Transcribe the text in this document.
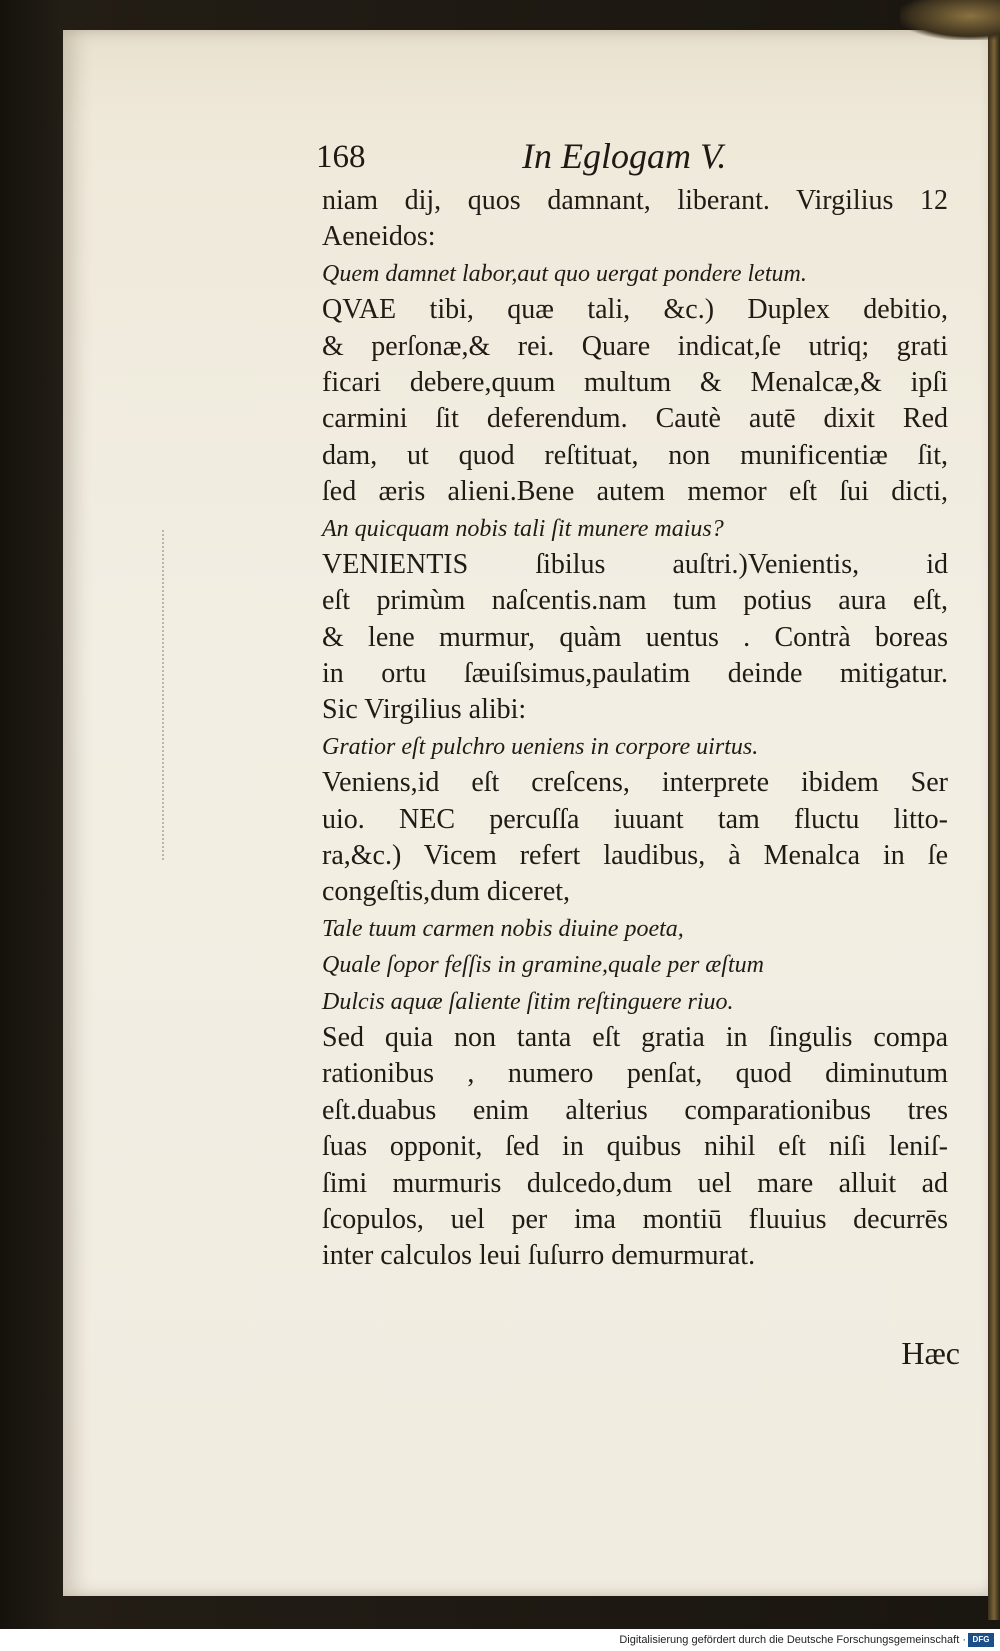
168	In Eglogam V.
niam dij, quos damnant, liberant. Virgilius 12
Aeneidos:
Quem damnet labor,aut quo uergat pondere letum.
QVAE tibi, quæ tali, &c.) Duplex debitio,
& perſonæ,& rei. Quare indicat,ſe utriq; grati
ficari debere,quum multum & Menalcæ,& ipſi
carmini ſit deferendum. Cautè autē dixit Red
dam, ut quod reſtituat, non munificentiæ ſit,
ſed æris alieni.Bene autem memor eſt ſui dicti,
An quicquam nobis tali ſit munere maius?
VENIENTIS ſibilus auſtri.)Venientis, id
eſt primùm naſcentis.nam tum potius aura eſt,
& lene murmur, quàm uentus . Contrà boreas
in ortu ſæuiſsimus,paulatim deinde mitigatur.
Sic Virgilius alibi:
Gratior eſt pulchro ueniens in corpore uirtus.
Veniens,id eſt creſcens, interprete ibidem Ser
uio. NEC percuſſa iuuant tam fluctu litto-
ra,&c.) Vicem refert laudibus, à Menalca in ſe
congeſtis,dum diceret,
Tale tuum carmen nobis diuine poeta,
Quale ſopor feſſis in gramine,quale per æſtum
Dulcis aquæ ſaliente ſitim reſtinguere riuo.
Sed quia non tanta eſt gratia in ſingulis compa
rationibus , numero penſat, quod diminutum
eſt.duabus enim alterius comparationibus tres
ſuas opponit, ſed in quibus nihil eſt niſi leniſ-
ſimi murmuris dulcedo,dum uel mare alluit ad
ſcopulos, uel per ima montiū fluuius decurrēs
inter calculos leui ſuſurro demurmurat.
Hæc
Digitalisierung gefördert durch die Deutsche Forschungsgemeinschaft · DFG
